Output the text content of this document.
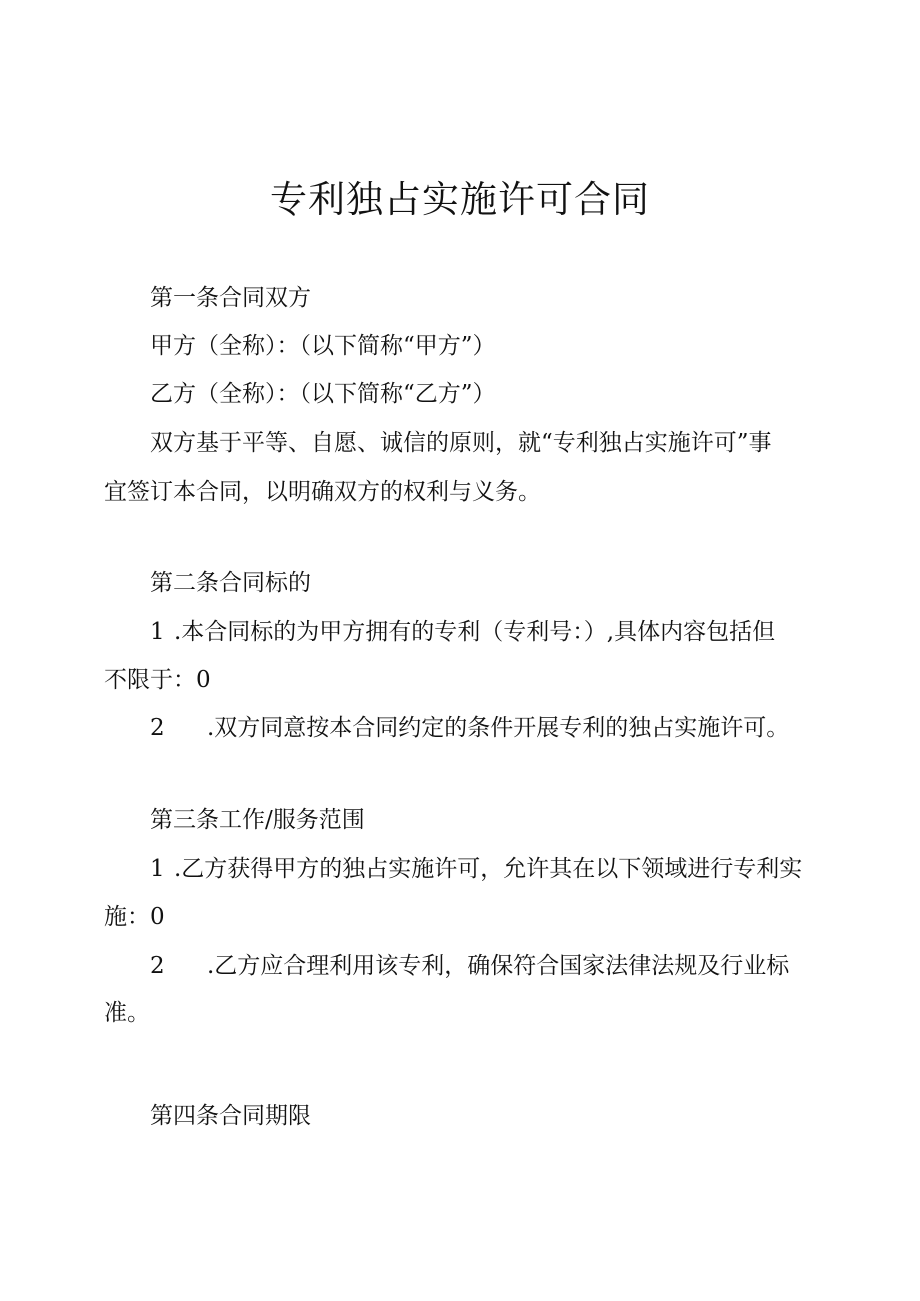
专利独占实施许可合同

第一条合同双方

甲方（全称）：（以下简称“甲方”）

乙方（全称）：（以下简称“乙方”）

双方基于平等、自愿、诚信的原则，就“专利独占实施许可”事

宜签订本合同，以明确双方的权利与义务。

第二条合同标的

1 .本合同标的为甲方拥有的专利（专利号：）,具体内容包括但

不限于：0

2 .双方同意按本合同约定的条件开展专利的独占实施许可。

第三条工作/服务范围

1 .乙方获得甲方的独占实施许可，允许其在以下领域进行专利实

施：0

2 .乙方应合理利用该专利，确保符合国家法律法规及行业标

准。

第四条合同期限
